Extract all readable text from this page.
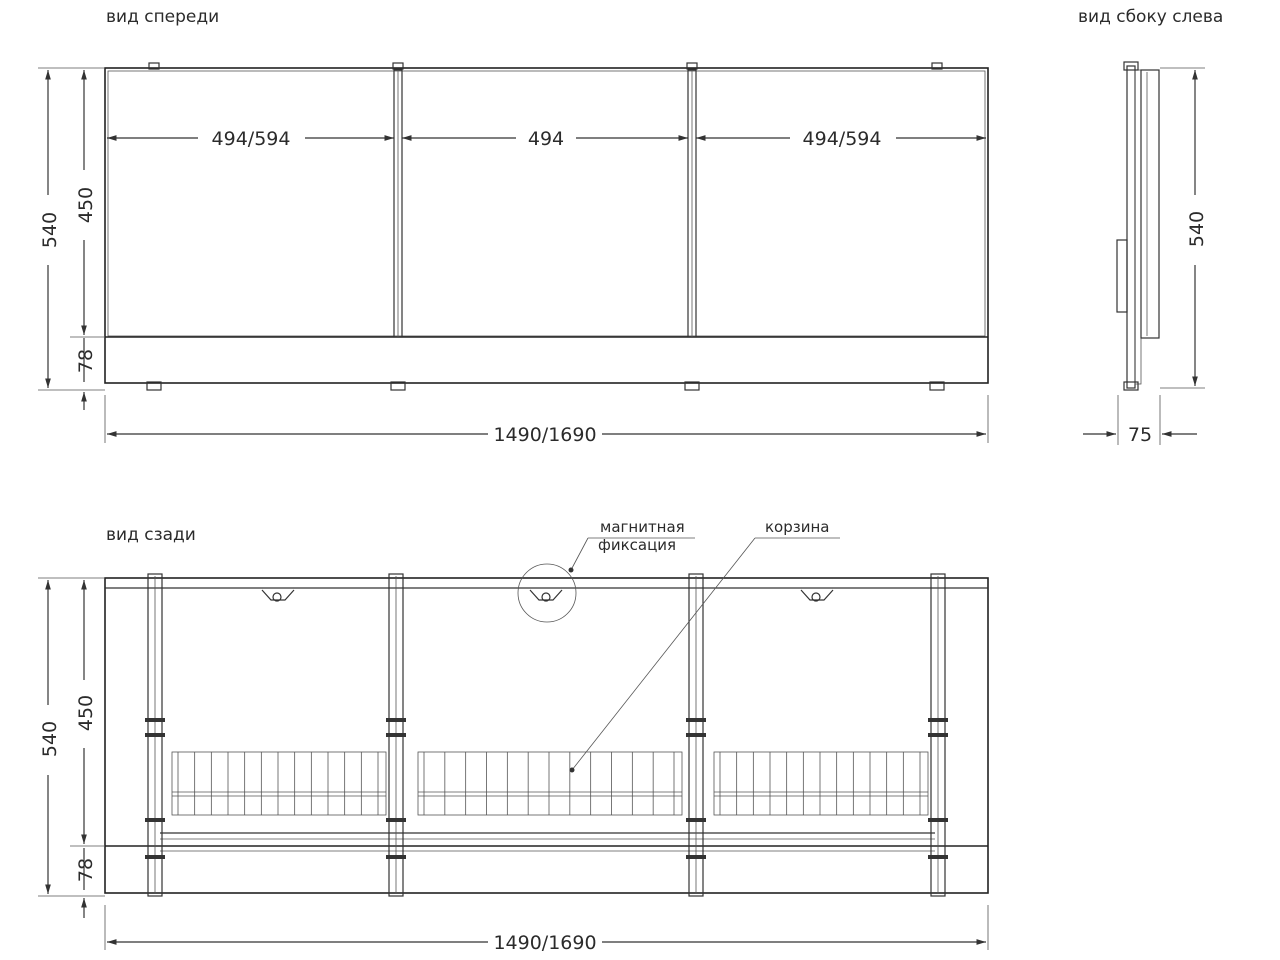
вид спереди
494/594	494	494/594
540
450
78
1490/1690
вид сбоку слева
540
75
вид сзади	магнитная
фиксация
корзина
540
450
78
1490/1690
